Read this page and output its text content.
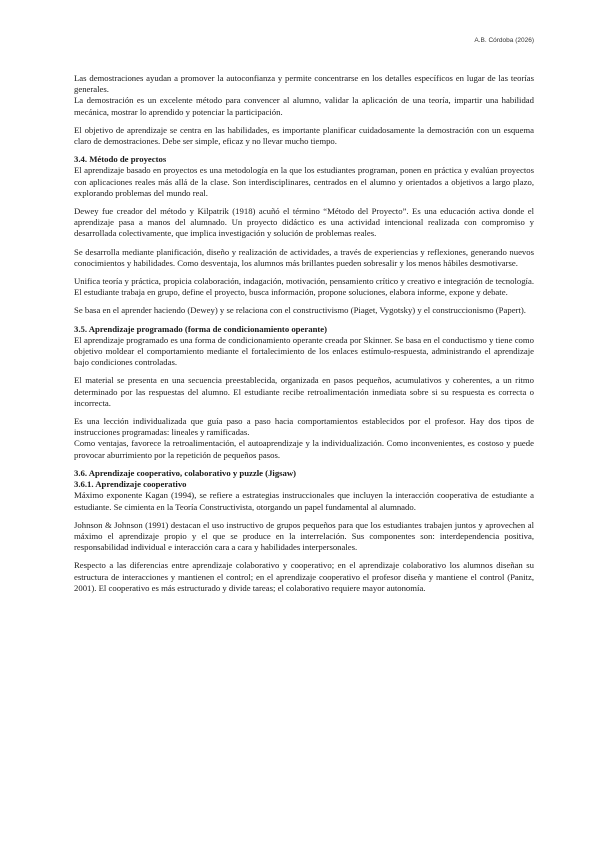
A.B. Córdoba (2026)

Las demostraciones ayudan a promover la autoconfianza y permite concentrarse en los detalles específicos en lugar de las teorías generales.

La demostración es un excelente método para convencer al alumno, validar la aplicación de una teoría, impartir una habilidad mecánica, mostrar lo aprendido y potenciar la participación.

El objetivo de aprendizaje se centra en las habilidades, es importante planificar cuidadosamente la demostración con un esquema claro de demostraciones. Debe ser simple, eficaz y no llevar mucho tiempo.

3.4. Método de proyectos

El aprendizaje basado en proyectos es una metodología en la que los estudiantes programan, ponen en práctica y evalúan proyectos con aplicaciones reales más allá de la clase. Son interdisciplinares, centrados en el alumno y orientados a objetivos a largo plazo, explorando problemas del mundo real.

Dewey fue creador del método y Kilpatrik (1918) acuñó el término “Método del Proyecto”. Es una educación activa donde el aprendizaje pasa a manos del alumnado. Un proyecto didáctico es una actividad intencional realizada con compromiso y desarrollada colectivamente, que implica investigación y solución de problemas reales.

Se desarrolla mediante planificación, diseño y realización de actividades, a través de experiencias y reflexiones, generando nuevos conocimientos y habilidades. Como desventaja, los alumnos más brillantes pueden sobresalir y los menos hábiles desmotivarse.

Unifica teoría y práctica, propicia colaboración, indagación, motivación, pensamiento crítico y creativo e integración de tecnología. El estudiante trabaja en grupo, define el proyecto, busca información, propone soluciones, elabora informe, expone y debate.

Se basa en el aprender haciendo (Dewey) y se relaciona con el constructivismo (Piaget, Vygotsky) y el construccionismo (Papert).

3.5. Aprendizaje programado (forma de condicionamiento operante)

El aprendizaje programado es una forma de condicionamiento operante creada por Skinner. Se basa en el conductismo y tiene como objetivo moldear el comportamiento mediante el fortalecimiento de los enlaces estímulo-respuesta, administrando el aprendizaje bajo condiciones controladas.

El material se presenta en una secuencia preestablecida, organizada en pasos pequeños, acumulativos y coherentes, a un ritmo determinado por las respuestas del alumno. El estudiante recibe retroalimentación inmediata sobre si su respuesta es correcta o incorrecta.

Es una lección individualizada que guía paso a paso hacia comportamientos establecidos por el profesor. Hay dos tipos de instrucciones programadas: lineales y ramificadas.

Como ventajas, favorece la retroalimentación, el autoaprendizaje y la individualización. Como inconvenientes, es costoso y puede provocar aburrimiento por la repetición de pequeños pasos.

3.6. Aprendizaje cooperativo, colaborativo y puzzle (Jigsaw)
3.6.1. Aprendizaje cooperativo

Máximo exponente Kagan (1994), se refiere a estrategias instruccionales que incluyen la interacción cooperativa de estudiante a estudiante. Se cimienta en la Teoría Constructivista, otorgando un papel fundamental al alumnado.

Johnson & Johnson (1991) destacan el uso instructivo de grupos pequeños para que los estudiantes trabajen juntos y aprovechen al máximo el aprendizaje propio y el que se produce en la interrelación. Sus componentes son: interdependencia positiva, responsabilidad individual e interacción cara a cara y habilidades interpersonales.

Respecto a las diferencias entre aprendizaje colaborativo y cooperativo; en el aprendizaje colaborativo los alumnos diseñan su estructura de interacciones y mantienen el control; en el aprendizaje cooperativo el profesor diseña y mantiene el control (Panitz, 2001). El cooperativo es más estructurado y divide tareas; el colaborativo requiere mayor autonomía.
